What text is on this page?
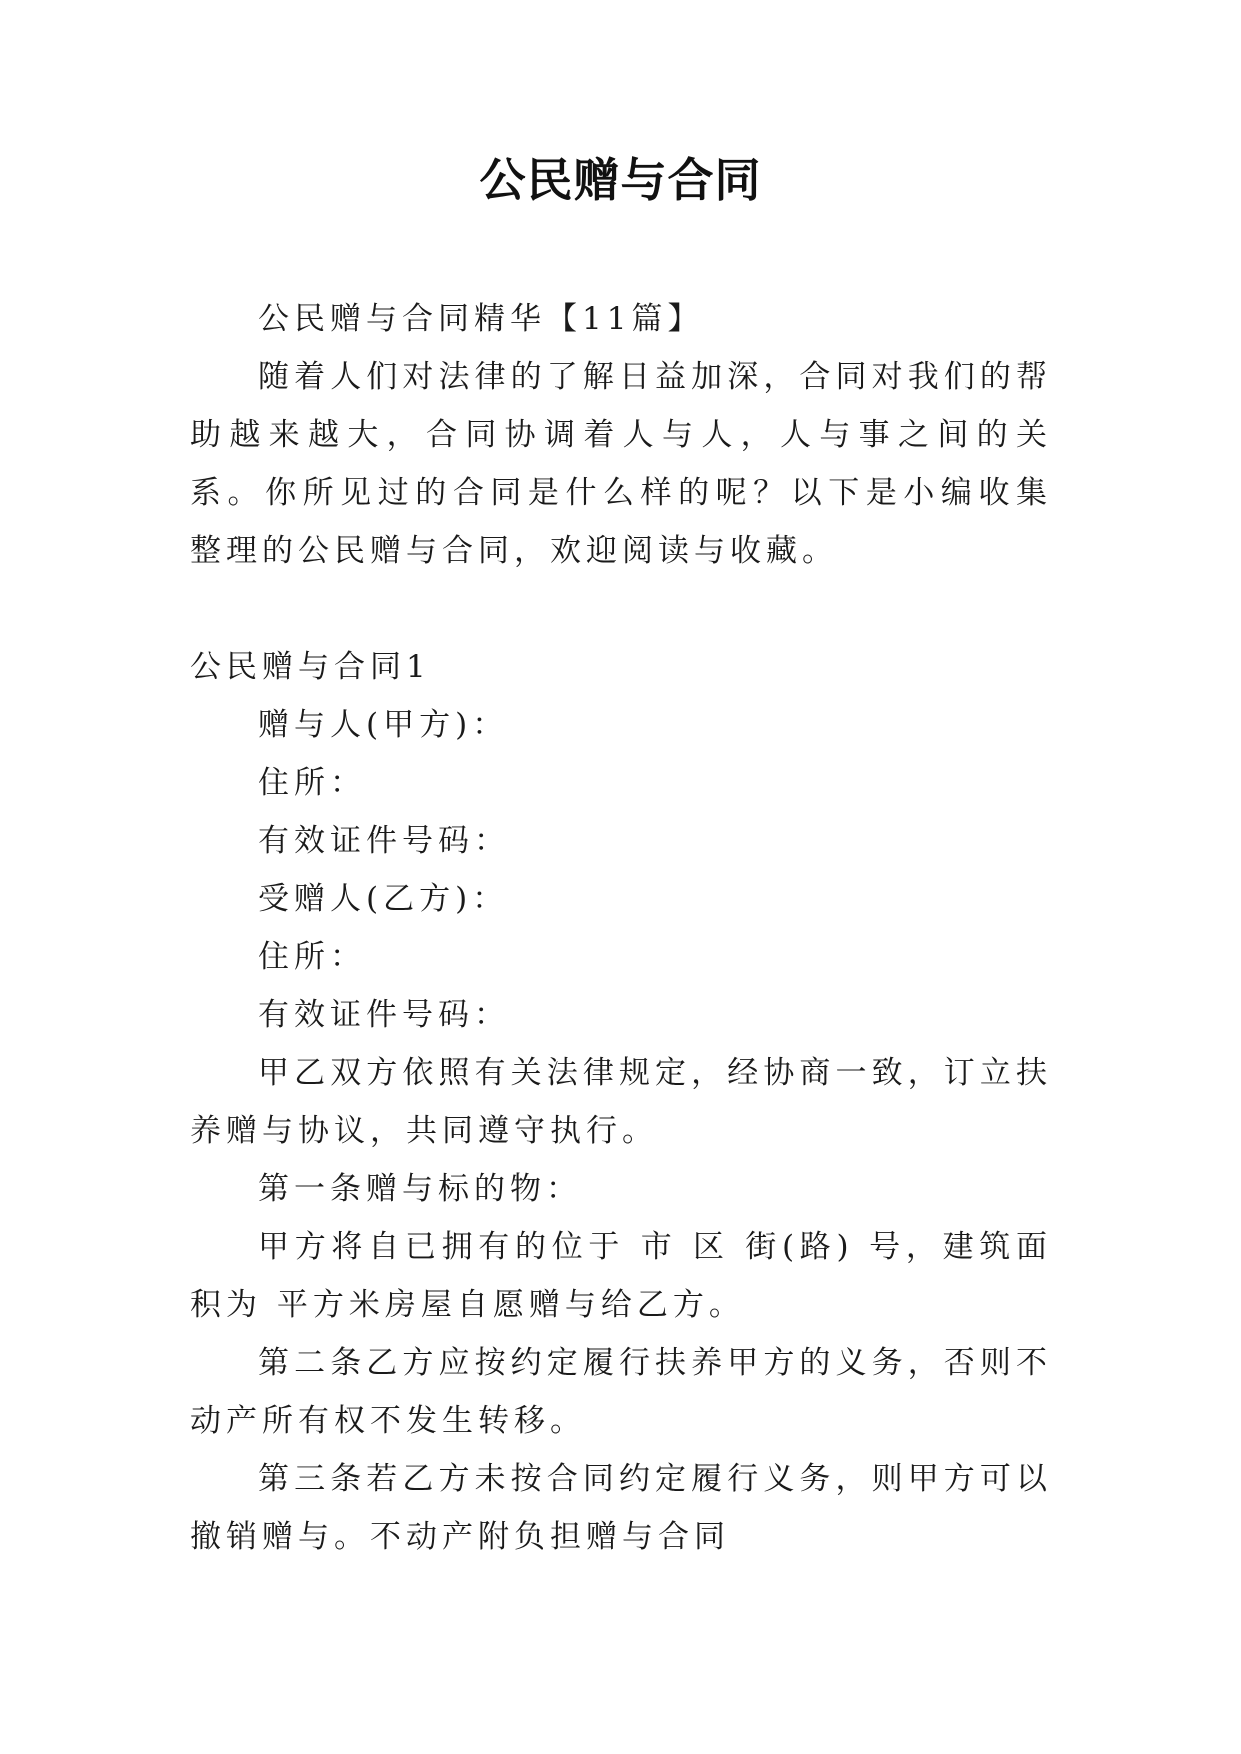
公民赠与合同

公民赠与合同精华【11篇】

随着人们对法律的了解日益加深，合同对我们的帮助越来越大，合同协调着人与人，人与事之间的关系。你所见过的合同是什么样的呢？以下是小编收集整理的公民赠与合同，欢迎阅读与收藏。

公民赠与合同1

赠与人(甲方)：

住所：

有效证件号码：

受赠人(乙方)：

住所：

有效证件号码：

甲乙双方依照有关法律规定，经协商一致，订立扶养赠与协议，共同遵守执行。

第一条赠与标的物：

甲方将自已拥有的位于 市 区 街(路) 号，建筑面积为 平方米房屋自愿赠与给乙方。

第二条乙方应按约定履行扶养甲方的义务，否则不动产所有权不发生转移。

第三条若乙方未按合同约定履行义务，则甲方可以撤销赠与。不动产附负担赠与合同
